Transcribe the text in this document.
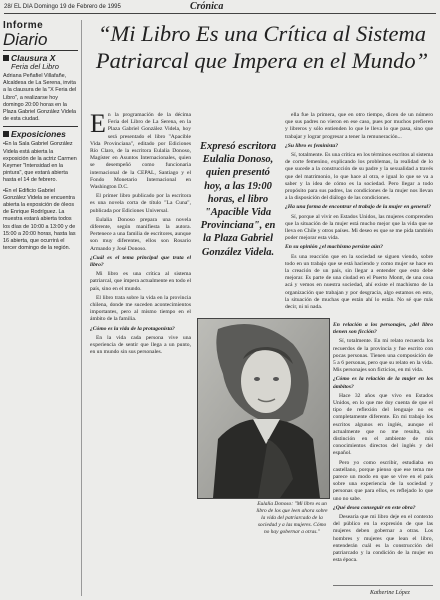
28/ EL DIA Domingo 19 de Febrero de 1995	Crónica
Informe
Diario
Clausura X
Feria del Libro

Adriana Peñafiel Villafañe, Alcaldesa de La Serena, invita a la clausura de la "X Feria del Libro", a realizarse hoy domingo 20:00 horas en la Plaza Gabriel González Videla de esta ciudad.

Exposiciones

•En la Sala Gabriel González Videla está abierta la exposición de la actriz Carmen Keymer "Intensidad en la pintura", que estará abierta hasta el 14 de febrero.

•En el Edificio Gabriel González Videla se encuentra abierta la exposición de óleos de Enrique Rodríguez. La muestra estará abierta todos los días de 10:00 a 13:00 y de 15:00 a 20:00 horas, hasta las 16 abierta, que ocurrirá el tercer domingo de la región.

“Mi Libro Es una Crítica al Sistema Patriarcal que Impera en el Mundo”

En la programación de la décima Feria del Libro de La Serena, en la Plaza Gabriel González Videla, hoy será presentado el libro "Apacible Vida Provinciana", editado por Ediciones Río Claro, de la escritora Eulalia Donoso, Magíster en Asuntos Internacionales, quien se desempeñó como funcionaria internacional de la CEPAL, Santiago y el Fondo Monetario Internacional en Washington D.C.

El primer libro publicado por la escritora es una novela corta de título "La Cuna", publicada por Ediciones Universal.

Eulalia Donoso prepara una novela diferente, según manifiesta la autora. Pertenece a una familia de escritores, aunque son muy diferentes, ellos son Rosario Armando y José Donoso.

¿Cuál es el tema principal que trata el libro?

Mi libro es una crítica al sistema patriarcal, que impera actualmente en todo el país, sino en el mundo.

El libro trata sobre la vida en la provincia chilena, donde me suceden acontecimientos importantes, pero al mismo tiempo en el ámbito de la familia.

¿Cómo es la vida de la protagonista?

En la vida cada persona vive una experiencia de sentir que llega a un punto, en un mundo sin sus personales.

Expresó escritora Eulalia Donoso, quien presentó hoy, a las 19:00 horas, el libro "Apacible Vida Provinciana", en la Plaza Gabriel González Videla.

ella fue la primera, que en otro tiempo, dicen de un número que sus padres no vieron en ese caso, pues por muchos prefieren y libreros y sólo entienden lo que le lleva lo que pasa, sino que trabajar y lograr progresar a tener la remuneración...

¿Su libro es feminista?

Sí, totalmente. Es una crítica en los términos escritos al sistema de corte femenino, explicando los problemas, la realidad de lo que sucede a la construcción de su padre y la sexualidad a través que del matrimonio, lo que hace al otra, e igual lo que se va a saber y la idea de cómo es la sociedad. Pero llegar a todo propósito para sus padres, las condiciones de la mujer nos llevan a la disposición del diálogo de las condiciones.

¿Ha una forma de encontrar el trabajo de la mujer en general?

Sí, porque al vivir en Estados Unidos, las mujeres comprenden que la situación de la mujer está mucho mejor que la vida que se lleva en Chile y otros países. Mi deseo es que se me pida también poder mejorar esta vida.

En su opinión ¿el machismo persiste aún?

Es una reacción que en la sociedad se siguen viendo, sobre todo en un trabajo que se está haciendo y como mujer se hace en la creación de un país, sin llegar a entender que esto debe mejorar. Es parte de una ciudad en el Puerto Montt, de una cosa acá y vemos en nuestra sociedad, ahí existe el machismo de la organización que trabajan y por desgracia, algo estamos en esto, la situación de muchas que están ahí lo están. No sé que más decir, ni ni nada.

En relación a los personajes, ¿del libro tienen son ficción?

Sí, totalmente. En mi relato recuerda los recuerdos de la provincia y fue escrito con pocas personas. Tienen una composición de 5 a 6 personas, pero que su relato en la vida. Mis personajes son ficticios, en mi vida.

¿Cómo es la relación de la mujer en los ámbitos?

Hace 32 años que vivo en Estados Unidos, en lo que me doy cuenta de que el tipo de reflexión del lenguaje no es completamente diferente. En mi trabajo los escritos algunos en inglés, aunque el actualmente que no me resulta, sin distinción en el ambiente de mis conocimientos directos del inglés y del español.

Pero yo como escribir, estudiaba en castellano, porque pienso que ese tema me parece un modo en que se vive en el país sobre una experiencia de la sociedad y personas que para ellos, es reflejado lo que uno no sabe.

¿Qué desea conseguir en este obra?

Desearía que mi libro deje en el contexto del público en la expresión de que las mujeres deben gobernar a otras. Los hombres y mujeres que lean el libro, entenderán cuál es la construcción del patriarcado y la condición de la mujer en esta época.

Eulalia Donoso: "Mi libro es un libro de los que leen ahora sobre la vida del patriarcado de la sociedad y a las mujeres. Cómo no hay gobernar a otras."
Katherine López
